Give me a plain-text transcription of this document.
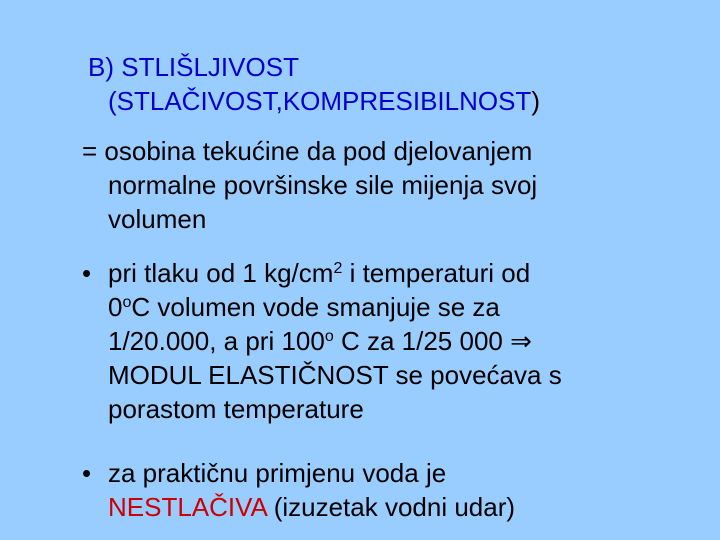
B) STLIŠLJIVOST
(STLAČIVOST,KOMPRESIBILNOST)
= osobina tekućine da pod djelovanjem
normalne površinske sile mijenja svoj
volumen
• pri tlaku od 1 $kg/cm^2$ i temperaturi od
0$^o$C volumen vode smanjuje se za
1/20.000, a pri 100$^o$ C za 1/25 000 ⇒
MODUL ELASTIČNOST se povećava s
porastom temperature
• za praktičnu primjenu voda je
NESTLAČIVA (izuzetak vodni udar)
